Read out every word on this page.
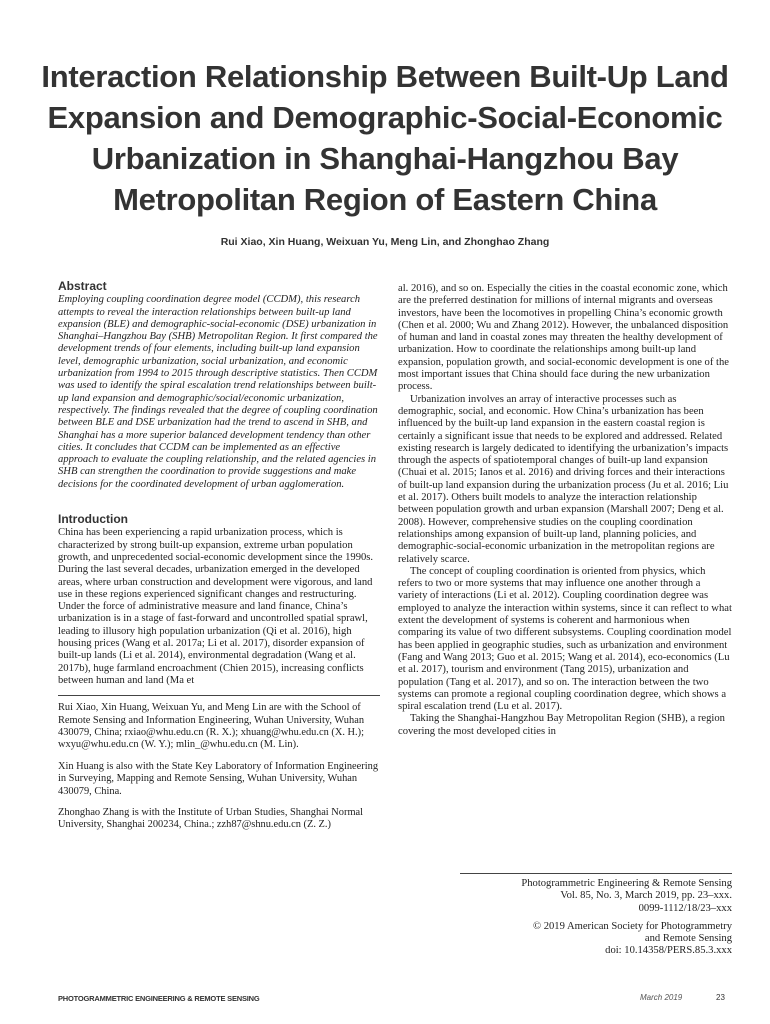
Interaction Relationship Between Built-Up Land
Expansion and Demographic-Social-Economic
Urbanization in Shanghai-Hangzhou Bay
Metropolitan Region of Eastern China
Rui Xiao, Xin Huang, Weixuan Yu, Meng Lin, and Zhonghao Zhang
Abstract

Employing coupling coordination degree model (CCDM), this research attempts to reveal the interaction relationships between built-up land expansion (BLE) and demographic-social-economic (DSE) urbanization in Shanghai–Hangzhou Bay (SHB) Metropolitan Region. It first compared the development trends of four elements, including built-up land expansion level, demographic urbanization, social urbanization, and economic urbanization from 1994 to 2015 through descriptive statistics. Then CCDM was used to identify the spiral escalation trend relationships between built-up land expansion and demographic/social/economic urbanization, respectively. The findings revealed that the degree of coupling coordination between BLE and DSE urbanization had the trend to ascend in SHB, and Shanghai has a more superior balanced development tendency than other cities. It concludes that CCDM can be implemented as an effective approach to evaluate the coupling relationship, and the related agencies in SHB can strengthen the coordination to provide suggestions and make decisions for the coordinated development of urban agglomeration.

Introduction

China has been experiencing a rapid urbanization process, which is characterized by strong built-up expansion, extreme urban population growth, and unprecedented social-economic development since the 1990s. During the last several decades, urbanization emerged in the developed areas, where urban construction and development were vigorous, and land use in these regions experienced significant changes and restructuring. Under the force of administrative measure and land finance, China’s urbanization is in a stage of fast-forward and uncontrolled spatial sprawl, leading to illusory high population urbanization (Qi et al. 2016), high housing prices (Wang et al. 2017a; Li et al. 2017), disorder expansion of built-up lands (Li et al. 2014), environmental degradation (Wang et al. 2017b), huge farmland encroachment (Chien 2015), increasing conflicts between human and land (Ma et

Rui Xiao, Xin Huang, Weixuan Yu, and Meng Lin are with the School of Remote Sensing and Information Engineering, Wuhan University, Wuhan 430079, China; rxiao@whu.edu.cn (R. X.); xhuang@whu.edu.cn (X. H.); wxyu@whu.edu.cn (W. Y.); mlin_@whu.edu.cn (M. Lin).

Xin Huang is also with the State Key Laboratory of Information Engineering in Surveying, Mapping and Remote Sensing, Wuhan University, Wuhan 430079, China.

Zhonghao Zhang is with the Institute of Urban Studies, Shanghai Normal University, Shanghai 200234, China.; zzh87@shnu.edu.cn (Z. Z.)

al. 2016), and so on. Especially the cities in the coastal economic zone, which are the preferred destination for millions of internal migrants and overseas investors, have been the locomotives in propelling China’s economic growth (Chen et al. 2000; Wu and Zhang 2012). However, the unbalanced disposition of human and land in coastal zones may threaten the healthy development of urbanization. How to coordinate the relationships among built-up land expansion, population growth, and social-economic development is one of the most important issues that China should face during the new urbanization process.

Urbanization involves an array of interactive processes such as demographic, social, and economic. How China’s urbanization has been influenced by the built-up land expansion in the eastern coastal region is certainly a significant issue that needs to be explored and addressed. Related existing research is largely dedicated to identifying the urbanization’s impacts through the aspects of spatiotemporal changes of built-up land expansion (Chuai et al. 2015; Ianos et al. 2016) and driving forces and their interactions of built-up land expansion during the urbanization process (Ju et al. 2016; Liu et al. 2017). Others built models to analyze the interaction relationship between population growth and urban expansion (Marshall 2007; Deng et al. 2008). However, comprehensive studies on the coupling coordination relationships among expansion of built-up land, planning policies, and demographic-social-economic urbanization in the metropolitan regions are relatively scarce.

The concept of coupling coordination is oriented from physics, which refers to two or more systems that may influence one another through a variety of interactions (Li et al. 2012). Coupling coordination degree was employed to analyze the interaction within systems, since it can reflect to what extent the development of systems is coherent and harmonious when comparing its value of two different subsystems. Coupling coordination model has been applied in geographic studies, such as urbanization and environment (Fang and Wang 2013; Guo et al. 2015; Wang et al. 2014), eco-economics (Lu et al. 2017), tourism and environment (Tang 2015), urbanization and population (Tang et al. 2017), and so on. The interaction between the two systems can promote a regional coupling coordination degree, which shows a spiral escalation trend (Lu et al. 2017).

Taking the Shanghai-Hangzhou Bay Metropolitan Region (SHB), a region covering the most developed cities in

Photogrammetric Engineering & Remote Sensing

Vol. 85, No. 3, March 2019, pp. 23–xxx.

0099-1112/18/23–xxx

© 2019 American Society for Photogrammetry

and Remote Sensing

doi: 10.14358/PERS.85.3.xxx

PHOTOGRAMMETRIC ENGINEERING & REMOTE SENSING	March 2019	23
